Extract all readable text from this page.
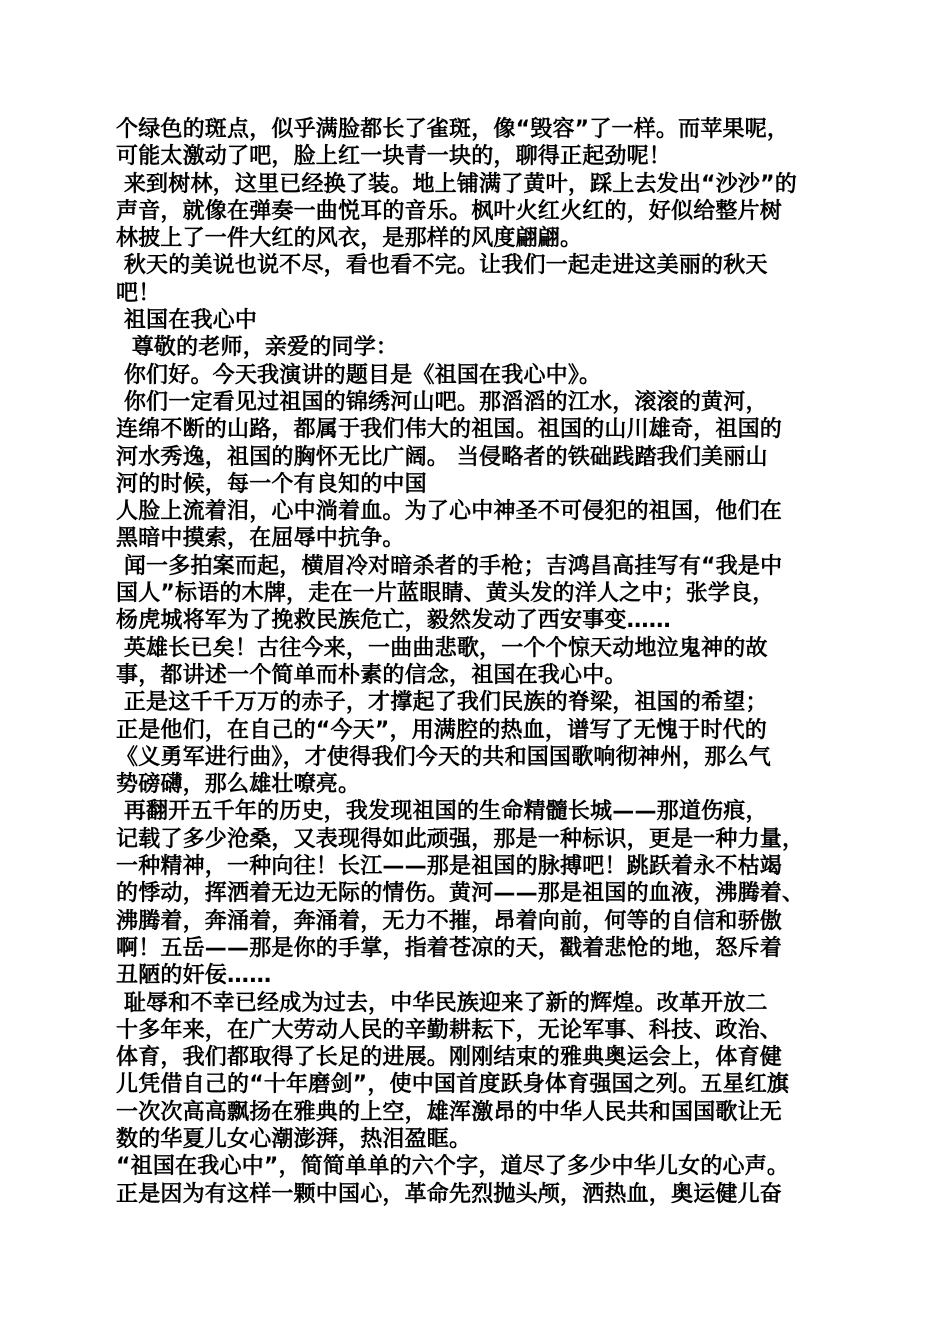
个绿色的斑点，似乎满脸都长了雀斑，像“毁容”了一样。而苹果呢，
可能太激动了吧，脸上红一块青一块的，聊得正起劲呢！
来到树林，这里已经换了装。地上铺满了黄叶，踩上去发出“沙沙”的
声音，就像在弹奏一曲悦耳的音乐。枫叶火红火红的，好似给整片树
林披上了一件大红的风衣，是那样的风度翩翩。
秋天的美说也说不尽，看也看不完。让我们一起走进这美丽的秋天
吧！
祖国在我心中
尊敬的老师，亲爱的同学：
你们好。今天我演讲的题目是《祖国在我心中》。
你们一定看见过祖国的锦绣河山吧。那滔滔的江水，滚滚的黄河，
连绵不断的山路，都属于我们伟大的祖国。祖国的山川雄奇，祖国的
河水秀逸，祖国的胸怀无比广阔。 当侵略者的铁础践踏我们美丽山
河的时候，每一个有良知的中国
人脸上流着泪，心中淌着血。为了心中神圣不可侵犯的祖国，他们在
黑暗中摸索，在屈辱中抗争。
闻一多拍案而起，横眉冷对暗杀者的手枪；吉鸿昌高挂写有“我是中
国人”标语的木牌，走在一片蓝眼睛、黄头发的洋人之中；张学良，
杨虎城将军为了挽救民族危亡，毅然发动了西安事变……
英雄长已矣！古往今来，一曲曲悲歌，一个个惊天动地泣鬼神的故
事，都讲述一个简单而朴素的信念，祖国在我心中。
正是这千千万万的赤子，才撑起了我们民族的脊梁，祖国的希望；
正是他们，在自己的“今天”，用满腔的热血，谱写了无愧于时代的
《义勇军进行曲》，才使得我们今天的共和国国歌响彻神州，那么气
势磅礴，那么雄壮嘹亮。
再翻开五千年的历史，我发现祖国的生命精髓长城——那道伤痕，
记载了多少沧桑，又表现得如此顽强，那是一种标识，更是一种力量，
一种精神，一种向往！长江——那是祖国的脉搏吧！跳跃着永不枯竭
的悸动，挥洒着无边无际的情伤。黄河——那是祖国的血液，沸腾着、
沸腾着，奔涌着，奔涌着，无力不摧，昂着向前，何等的自信和骄傲
啊！五岳——那是你的手掌，指着苍凉的天，戳着悲怆的地，怒斥着
丑陋的奸佞……
耻辱和不幸已经成为过去，中华民族迎来了新的辉煌。改革开放二
十多年来，在广大劳动人民的辛勤耕耘下，无论军事、科技、政治、
体育，我们都取得了长足的进展。刚刚结束的雅典奥运会上，体育健
儿凭借自己的“十年磨剑”，使中国首度跃身体育强国之列。五星红旗
一次次高高飘扬在雅典的上空，雄浑激昂的中华人民共和国国歌让无
数的华夏儿女心潮澎湃，热泪盈眶。
“祖国在我心中”，简简单单的六个字，道尽了多少中华儿女的心声。
正是因为有这样一颗中国心，革命先烈抛头颅，洒热血，奥运健儿奋
